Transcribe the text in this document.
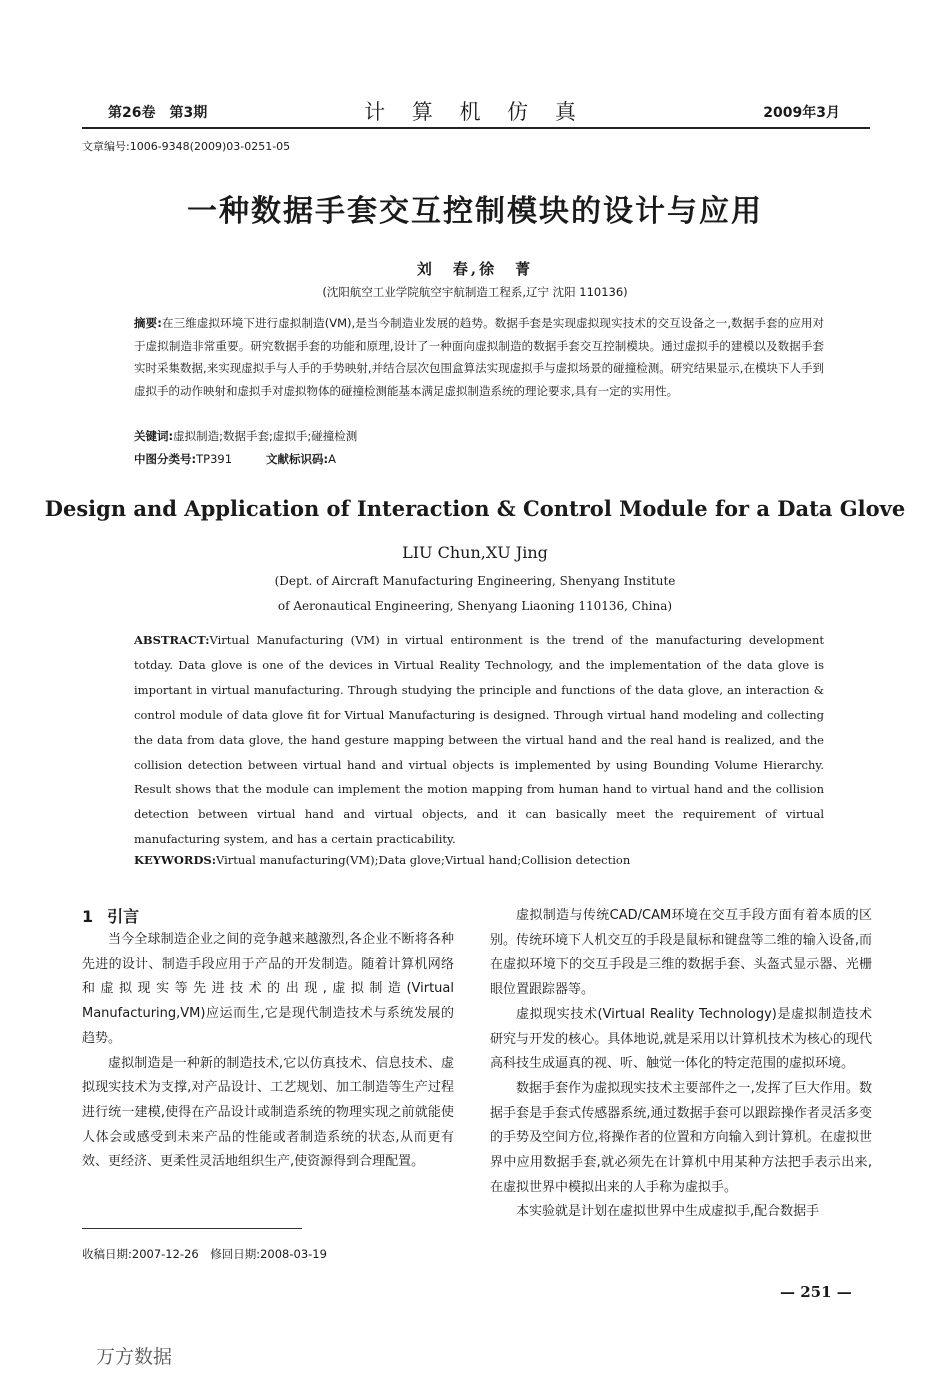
第26卷　第3期	计 算 机 仿 真	2009年3月
文章编号:1006-9348(2009)03-0251-05
一种数据手套交互控制模块的设计与应用
刘　春,徐　菁
(沈阳航空工业学院航空宇航制造工程系,辽宁 沈阳 110136)
摘要:在三维虚拟环境下进行虚拟制造(VM),是当今制造业发展的趋势。数据手套是实现虚拟现实技术的交互设备之一,数据手套的应用对于虚拟制造非常重要。研究数据手套的功能和原理,设计了一种面向虚拟制造的数据手套交互控制模块。通过虚拟手的建模以及数据手套实时采集数据,来实现虚拟手与人手的手势映射,并结合层次包围盒算法实现虚拟手与虚拟场景的碰撞检测。研究结果显示,在模块下人手到虚拟手的动作映射和虚拟手对虚拟物体的碰撞检测能基本满足虚拟制造系统的理论要求,具有一定的实用性。
关键词:虚拟制造;数据手套;虚拟手;碰撞检测
中图分类号:TP391	文献标识码:A
Design and Application of Interaction & Control Module for a Data Glove
LIU Chun,XU Jing
(Dept. of Aircraft Manufacturing Engineering, Shenyang Institute
of Aeronautical Engineering, Shenyang Liaoning 110136, China)
ABSTRACT:Virtual Manufacturing (VM) in virtual entironment is the trend of the manufacturing development totday. Data glove is one of the devices in Virtual Reality Technology, and the implementation of the data glove is important in virtual manufacturing. Through studying the principle and functions of the data glove, an interaction & control module of data glove fit for Virtual Manufacturing is designed. Through virtual hand modeling and collecting the data from data glove, the hand gesture mapping between the virtual hand and the real hand is realized, and the collision detection between virtual hand and virtual objects is implemented by using Bounding Volume Hierarchy. Result shows that the module can implement the motion mapping from human hand to virtual hand and the collision detection between virtual hand and virtual objects, and it can basically meet the requirement of virtual manufacturing system, and has a certain practicability.
KEYWORDS:Virtual manufacturing(VM);Data glove;Virtual hand;Collision detection
1 引言

当今全球制造企业之间的竞争越来越激烈,各企业不断将各种先进的设计、制造手段应用于产品的开发制造。随着计算机网络和虚拟现实等先进技术的出现,虚拟制造(Virtual Manufacturing,VM)应运而生,它是现代制造技术与系统发展的趋势。

虚拟制造是一种新的制造技术,它以仿真技术、信息技术、虚拟现实技术为支撑,对产品设计、工艺规划、加工制造等生产过程进行统一建模,使得在产品设计或制造系统的物理实现之前就能使人体会或感受到未来产品的性能或者制造系统的状态,从而更有效、更经济、更柔性灵活地组织生产,使资源得到合理配置。

虚拟制造与传统CAD/CAM环境在交互手段方面有着本质的区别。传统环境下人机交互的手段是鼠标和键盘等二维的输入设备,而在虚拟环境下的交互手段是三维的数据手套、头盔式显示器、光栅眼位置跟踪器等。

虚拟现实技术(Virtual Reality Technology)是虚拟制造技术研究与开发的核心。具体地说,就是采用以计算机技术为核心的现代高科技生成逼真的视、听、触觉一体化的特定范围的虚拟环境。

数据手套作为虚拟现实技术主要部件之一,发挥了巨大作用。数据手套是手套式传感器系统,通过数据手套可以跟踪操作者灵活多变的手势及空间方位,将操作者的位置和方向输入到计算机。在虚拟世界中应用数据手套,就必须先在计算机中用某种方法把手表示出来,在虚拟世界中模拟出来的人手称为虚拟手。

本实验就是计划在虚拟世界中生成虚拟手,配合数据手

收稿日期:2007-12-26　修回日期:2008-03-19
— 251 —
万方数据
